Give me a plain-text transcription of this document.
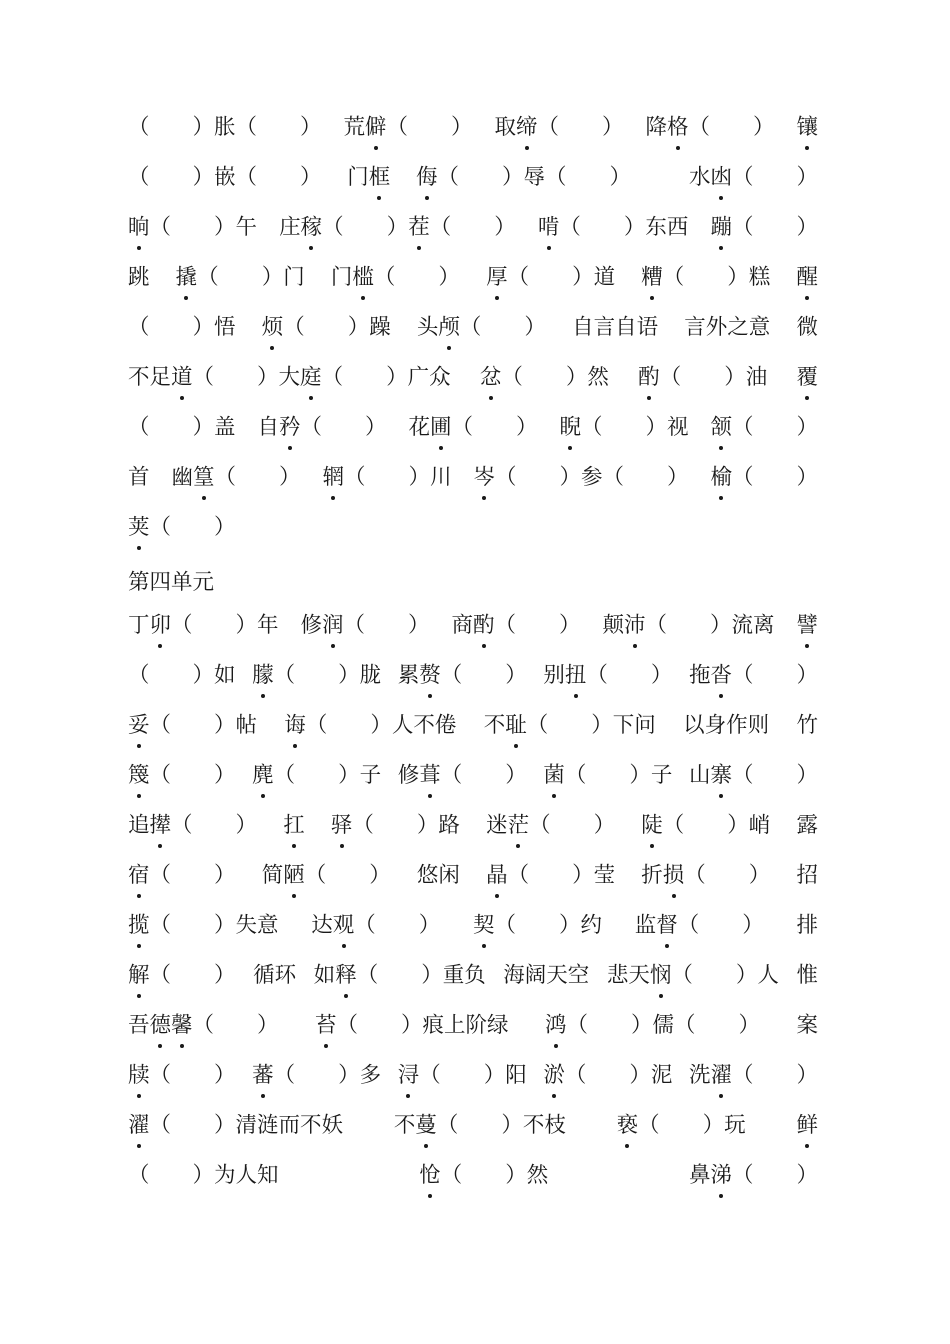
（　　）胀（　　） 荒僻（　　） 取缔（　　） 降格（　　） 镶
（　　）嵌（　　） 门框 侮（　　）辱（　　）　　 水凼（　　）
晌（　　）午 庄稼（　　）茬（　　） 啃（　　）东西 蹦（　　）
跳 撬（　　）门 门槛（　　） 厚（　　）道 糟（　　）糕 醒
（　　）悟 烦（　　）躁 头颅（　　） 自言自语 言外之意 微
不足道（　　）大庭（　　）广众 忿（　　）然 酌（　　）油 覆
（　　）盖 自矜（　　） 花圃（　　） 睨（　　）视 颔（　　）
首 幽篁（　　） 辋（　　）川 岑（　　）参（　　） 榆（　　）
荚（　　）
第四单元
丁卯（　　）年 修润（　　） 商酌（　　） 颠沛（　　）流离 譬
（　　）如 朦（　　）胧 累赘（　　） 别扭（　　） 拖沓（　　）
妥（　　）帖 诲（　　）人不倦 不耻（　　）下问 以身作则 竹
篾（　　） 麂（　　）子 修葺（　　） 菌（　　）子 山寨（　　）
追撵（　　） 扛 驿（　　）路 迷茫（　　） 陡（　　）峭 露
宿（　　） 简陋（　　） 悠闲 晶（　　）莹 折损（　　） 招
揽（　　）失意 达观（　　） 契（　　）约 监督（　　） 排
解（　　） 循环 如释（　　）重负 海阔天空 悲天悯（　　）人 惟
吾德馨（　　） 苔（　　）痕上阶绿 鸿（　　）儒（　　） 案
牍（　　） 蕃（　　）多 浔（　　）阳 淤（　　）泥 洗濯（　　）
濯（　　）清涟而不妖 不蔓（　　）不枝 亵（　　）玩 鲜
（　　）为人知	怆（　　）然	鼻涕（　　）
